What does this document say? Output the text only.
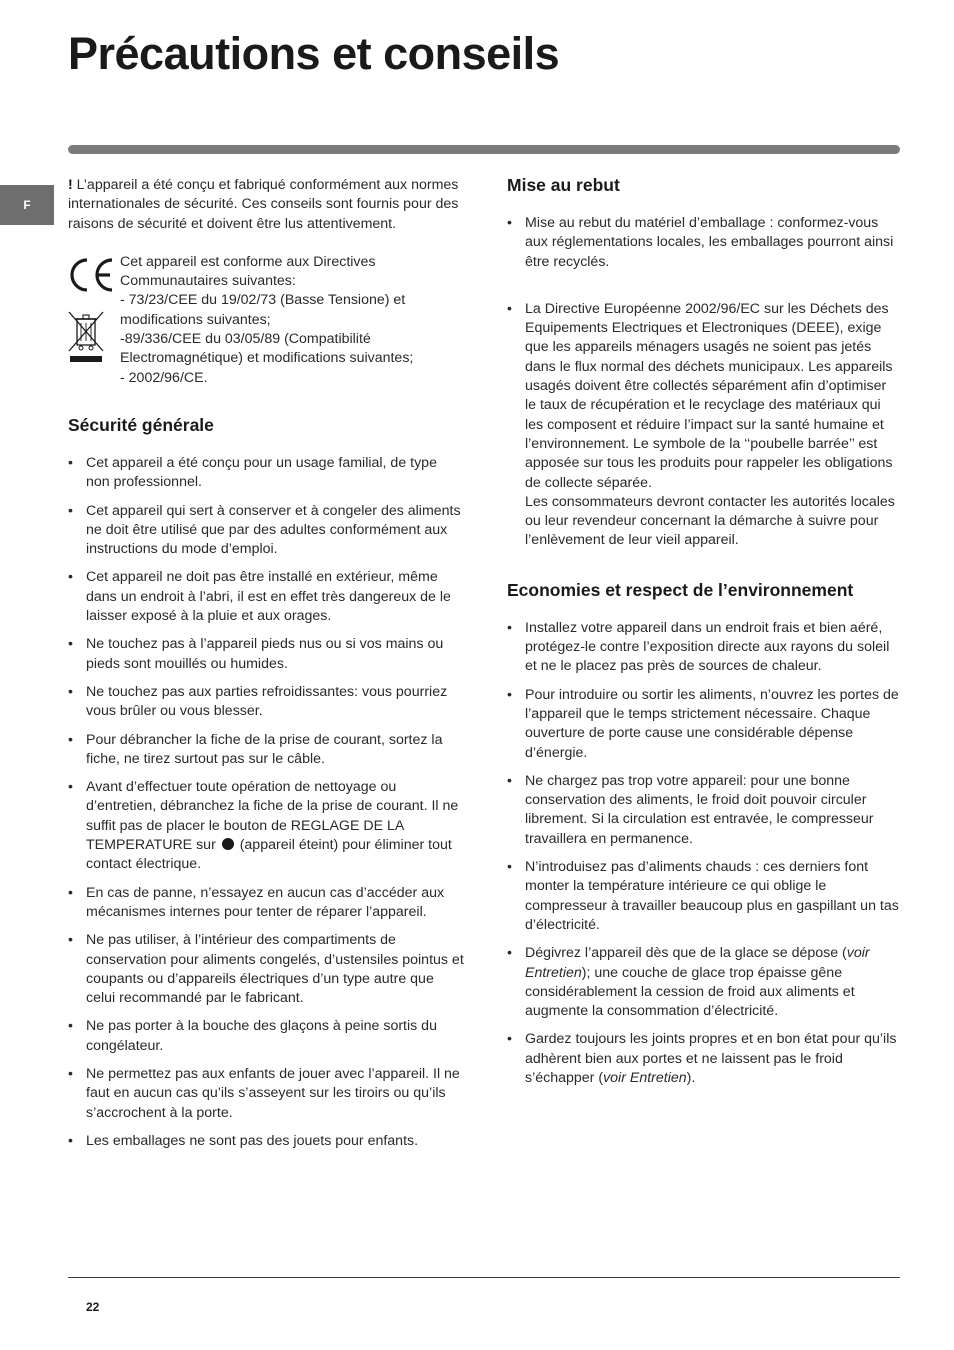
Précautions et conseils
F

! L’appareil a été conçu et fabriqué conformément aux normes internationales de sécurité. Ces conseils sont fournis pour des raisons de sécurité et doivent être lus attentivement.

Cet appareil est conforme aux Directives Communautaires suivantes:

- 73/23/CEE du 19/02/73 (Basse Tensione) et modifications suivantes;

-89/336/CEE du 03/05/89 (Compatibilité Electromagnétique) et modifications suivantes;

- 2002/96/CE.

Sécurité générale
• Cet appareil a été conçu pour un usage familial, de type non professionnel.
• Cet appareil qui sert à conserver et à congeler des aliments ne doit être utilisé que par des adultes conformément aux instructions du mode d’emploi.
• Cet appareil ne doit pas être installé en extérieur, même dans un endroit à l’abri, il est en effet très dangereux de le laisser exposé à la pluie et aux orages.
• Ne touchez pas à l’appareil pieds nus ou si vos mains ou pieds sont mouillés ou humides.
• Ne touchez pas aux parties refroidissantes: vous pourriez vous brûler ou vous blesser.
• Pour débrancher la fiche de la prise de courant, sortez la fiche, ne tirez surtout pas sur le câble.
• Avant d’effectuer toute opération de nettoyage ou d’entretien, débranchez la fiche de la prise de courant. Il ne suffit pas de placer le bouton de REGLAGE DE LA TEMPERATURE sur  (appareil éteint) pour éliminer tout contact électrique.
• En cas de panne, n’essayez en aucun cas d’accéder aux mécanismes internes pour tenter de réparer l’appareil.
• Ne pas utiliser, à l’intérieur des compartiments de conservation pour aliments congelés, d’ustensiles pointus et coupants ou d’appareils électriques d’un type autre que celui recommandé par le fabricant.
• Ne pas porter à la bouche des glaçons à peine sortis du congélateur.
• Ne permettez pas aux enfants de jouer avec l’appareil. Il ne faut en aucun cas qu’ils s’asseyent sur les tiroirs ou qu’ils s’accrochent à la porte.
• Les emballages ne sont pas des jouets pour enfants.
Mise au rebut
• Mise au rebut du matériel d’emballage : conformez-vous aux réglementations locales, les emballages pourront ainsi être recyclés.
• La Directive Européenne 2002/96/EC sur les Déchets des Equipements Electriques et Electroniques (DEEE), exige que les appareils ménagers usagés ne soient pas jetés dans le flux normal des déchets municipaux. Les appareils usagés doivent être collectés séparément afin d’optimiser le taux de récupération et le recyclage des matériaux qui les composent et réduire l’impact sur la santé humaine et l’environnement. Le symbole de la ‘‘poubelle barrée’’ est apposée sur tous les produits pour rappeler les obligations de collecte séparée.
Les consommateurs devront contacter les autorités locales ou leur revendeur concernant la démarche à suivre pour l’enlèvement de leur vieil appareil.
Economies et respect de l’environnement
• Installez votre appareil dans un endroit frais et bien aéré, protégez-le contre l’exposition directe aux rayons du soleil et ne le placez pas près de sources de chaleur.
• Pour introduire ou sortir les aliments, n’ouvrez les portes de l’appareil que le temps strictement nécessaire. Chaque ouverture de porte cause une considérable dépense d’énergie.
• Ne chargez pas trop votre appareil: pour une bonne conservation des aliments, le froid doit pouvoir circuler librement. Si la circulation est entravée, le compresseur travaillera en permanence.
• N’introduisez pas d’aliments chauds : ces derniers font monter la température intérieure ce qui oblige le compresseur à travailler beaucoup plus en gaspillant un tas d’électricité.
• Dégivrez l’appareil dès que de la glace se dépose (voir Entretien); une couche de glace trop épaisse gêne considérablement la cession de froid aux aliments et augmente la consommation d’électricité.
• Gardez toujours les joints propres et en bon état pour qu’ils adhèrent bien aux portes et ne laissent pas le froid s’échapper (voir Entretien).
22
